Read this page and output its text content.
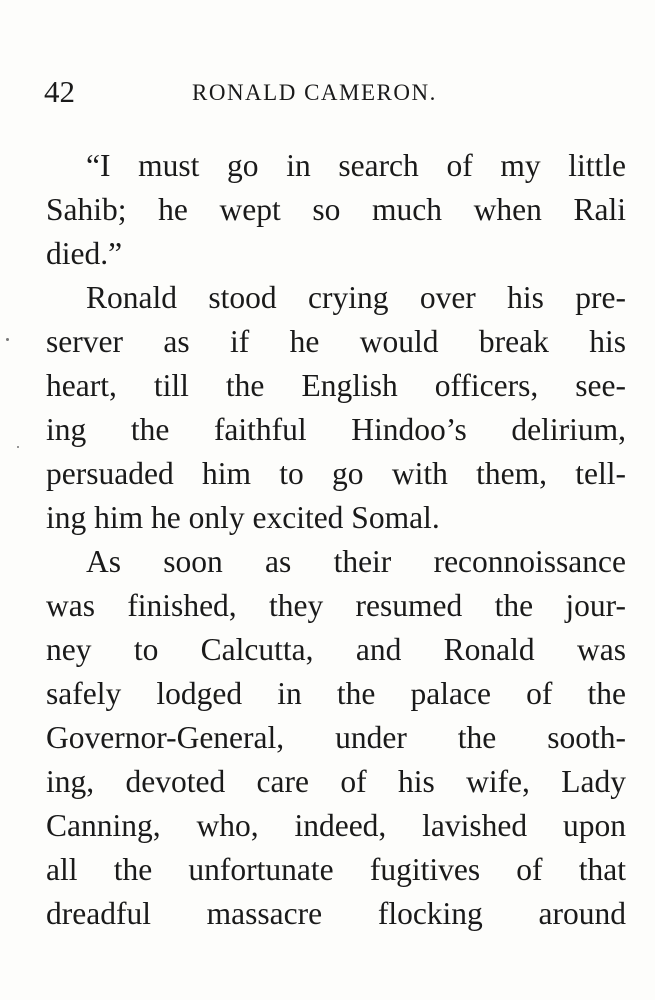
42	RONALD CAMERON.
“I must go in search of my little
Sahib; he wept so much when Rali
died.”
Ronald stood crying over his pre-
server as if he would break his
heart, till the English officers, see-
ing the faithful Hindoo’s delirium,
persuaded him to go with them, tell-
ing him he only excited Somal.
As soon as their reconnoissance
was finished, they resumed the jour-
ney to Calcutta, and Ronald was
safely lodged in the palace of the
Governor-General, under the sooth-
ing, devoted care of his wife, Lady
Canning, who, indeed, lavished upon
all the unfortunate fugitives of that
dreadful massacre flocking around
